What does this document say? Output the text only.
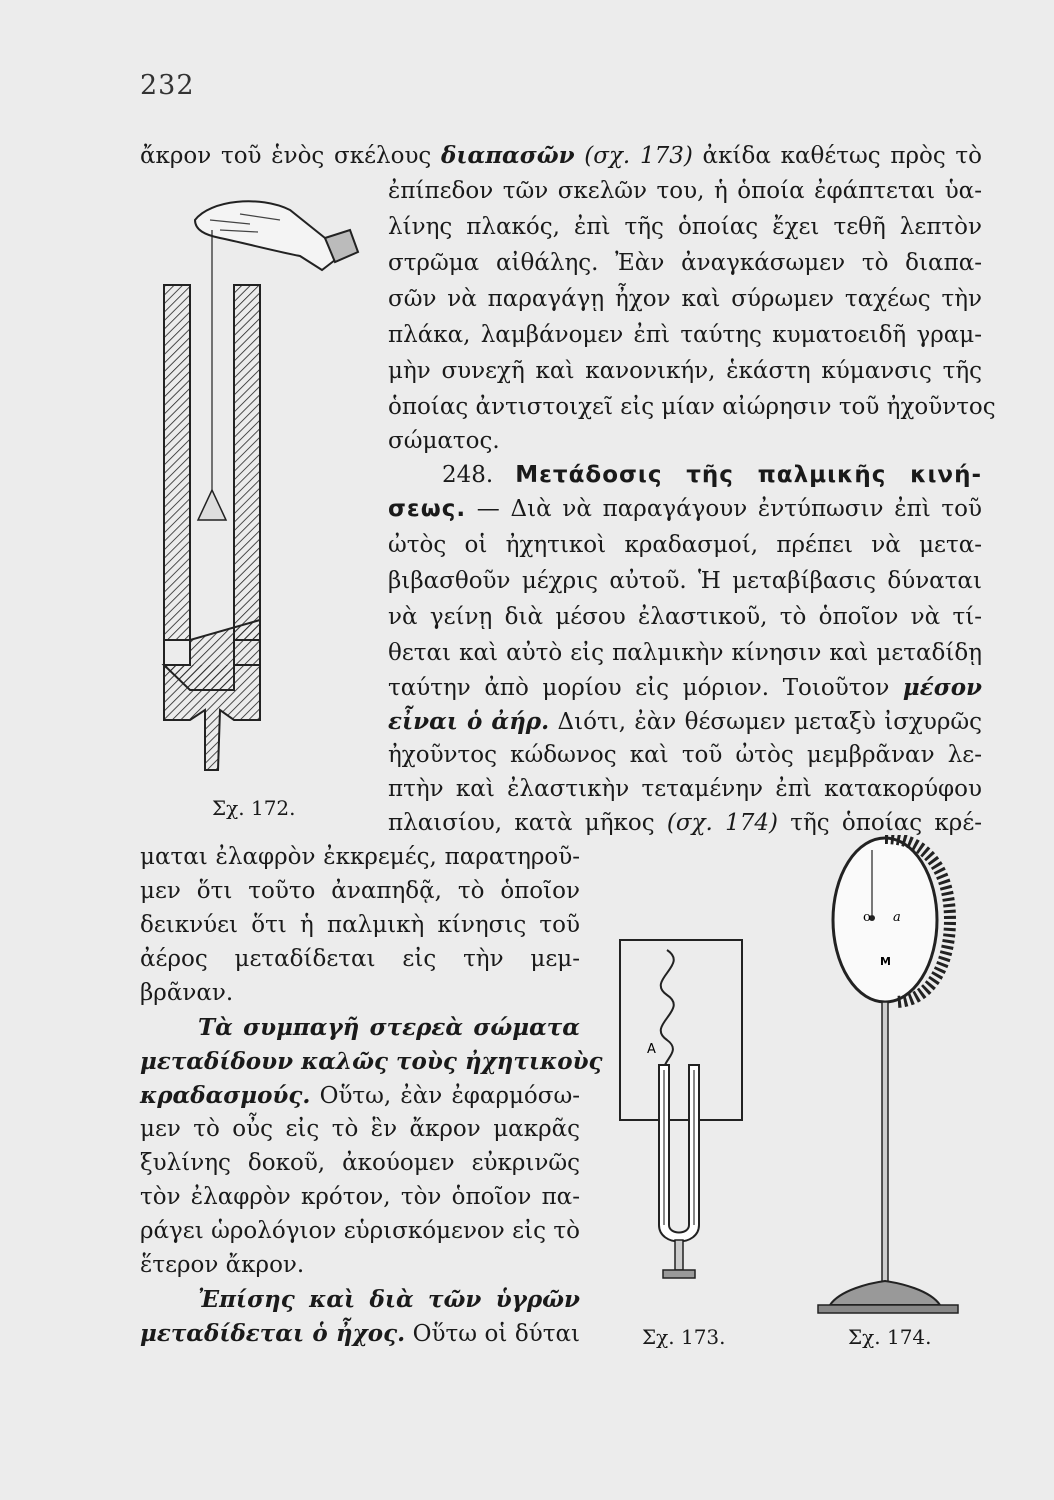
232
ἄκρον τοῦ ἑνὸς σκέλους διαπασῶν (σχ. 173) ἀκίδα καθέτως πρὸς τὸ
ἐπίπεδον τῶν σκελῶν του, ἡ ὁποία ἐφάπτεται ὑα-
λίνης πλακός, ἐπὶ τῆς ὁποίας ἔχει τεθῆ λεπτὸν
στρῶμα αἰθάλης. Ἐὰν ἀναγκάσωμεν τὸ διαπα-
σῶν νὰ παραγάγῃ ἦχον καὶ σύρωμεν ταχέως τὴν
πλάκα, λαμβάνομεν ἐπὶ ταύτης κυματοειδῆ γραμ-
μὴν συνεχῆ καὶ κανονικήν, ἑκάστη κύμανσις τῆς
ὁποίας ἀντιστοιχεῖ εἰς μίαν αἰώρησιν τοῦ ἠχοῦντος
σώματος.
248. Μετάδοσις τῆς παλμικῆς κινή-
σεως. — Διὰ νὰ παραγάγουν ἐντύπωσιν ἐπὶ τοῦ
ὠτὸς οἱ ἠχητικοὶ κραδασμοί, πρέπει νὰ μετα-
βιβασθοῦν μέχρις αὐτοῦ. Ἡ μεταβίβασις δύναται
νὰ γείνῃ διὰ μέσου ἐλαστικοῦ, τὸ ὁποῖον νὰ τί-
θεται καὶ αὐτὸ εἰς παλμικὴν κίνησιν καὶ μεταδίδῃ
ταύτην ἀπὸ μορίου εἰς μόριον. Τοιοῦτον μέσον
εἶναι ὁ ἀήρ. Διότι, ἐὰν θέσωμεν μεταξὺ ἰσχυρῶς
ἠχοῦντος κώδωνος καὶ τοῦ ὠτὸς μεμβρᾶναν λε-
πτὴν καὶ ἐλαστικὴν τεταμένην ἐπὶ κατακορύφου
πλαισίου, κατὰ μῆκος (σχ. 174) τῆς ὁποίας κρέ-
μαται ἐλαφρὸν ἐκκρεμές, παρατηροῦ-
μεν ὅτι τοῦτο ἀναπηδᾷ, τὸ ὁποῖον
δεικνύει ὅτι ἡ παλμικὴ κίνησις τοῦ
ἀέρος μεταδίδεται εἰς τὴν μεμ-
βρᾶναν.
Τὰ συμπαγῆ στερεὰ σώματα
μεταδίδουν καλῶς τοὺς ἠχητικοὺς
κραδασμούς. Οὕτω, ἐὰν ἐφαρμόσω-
μεν τὸ οὖς εἰς τὸ ἓν ἄκρον μακρᾶς
ξυλίνης δοκοῦ, ἀκούομεν εὐκρινῶς
τὸν ἐλαφρὸν κρότον, τὸν ὁποῖον πα-
ράγει ὡρολόγιον εὑρισκόμενον εἰς τὸ
ἕτερον ἄκρον.
Ἐπίσης καὶ διὰ τῶν ὑγρῶν
μεταδίδεται ὁ ἦχος. Οὕτω οἱ δύται
Σχ. 172.
A
Σχ. 173.
o a
M
Σχ. 174.
